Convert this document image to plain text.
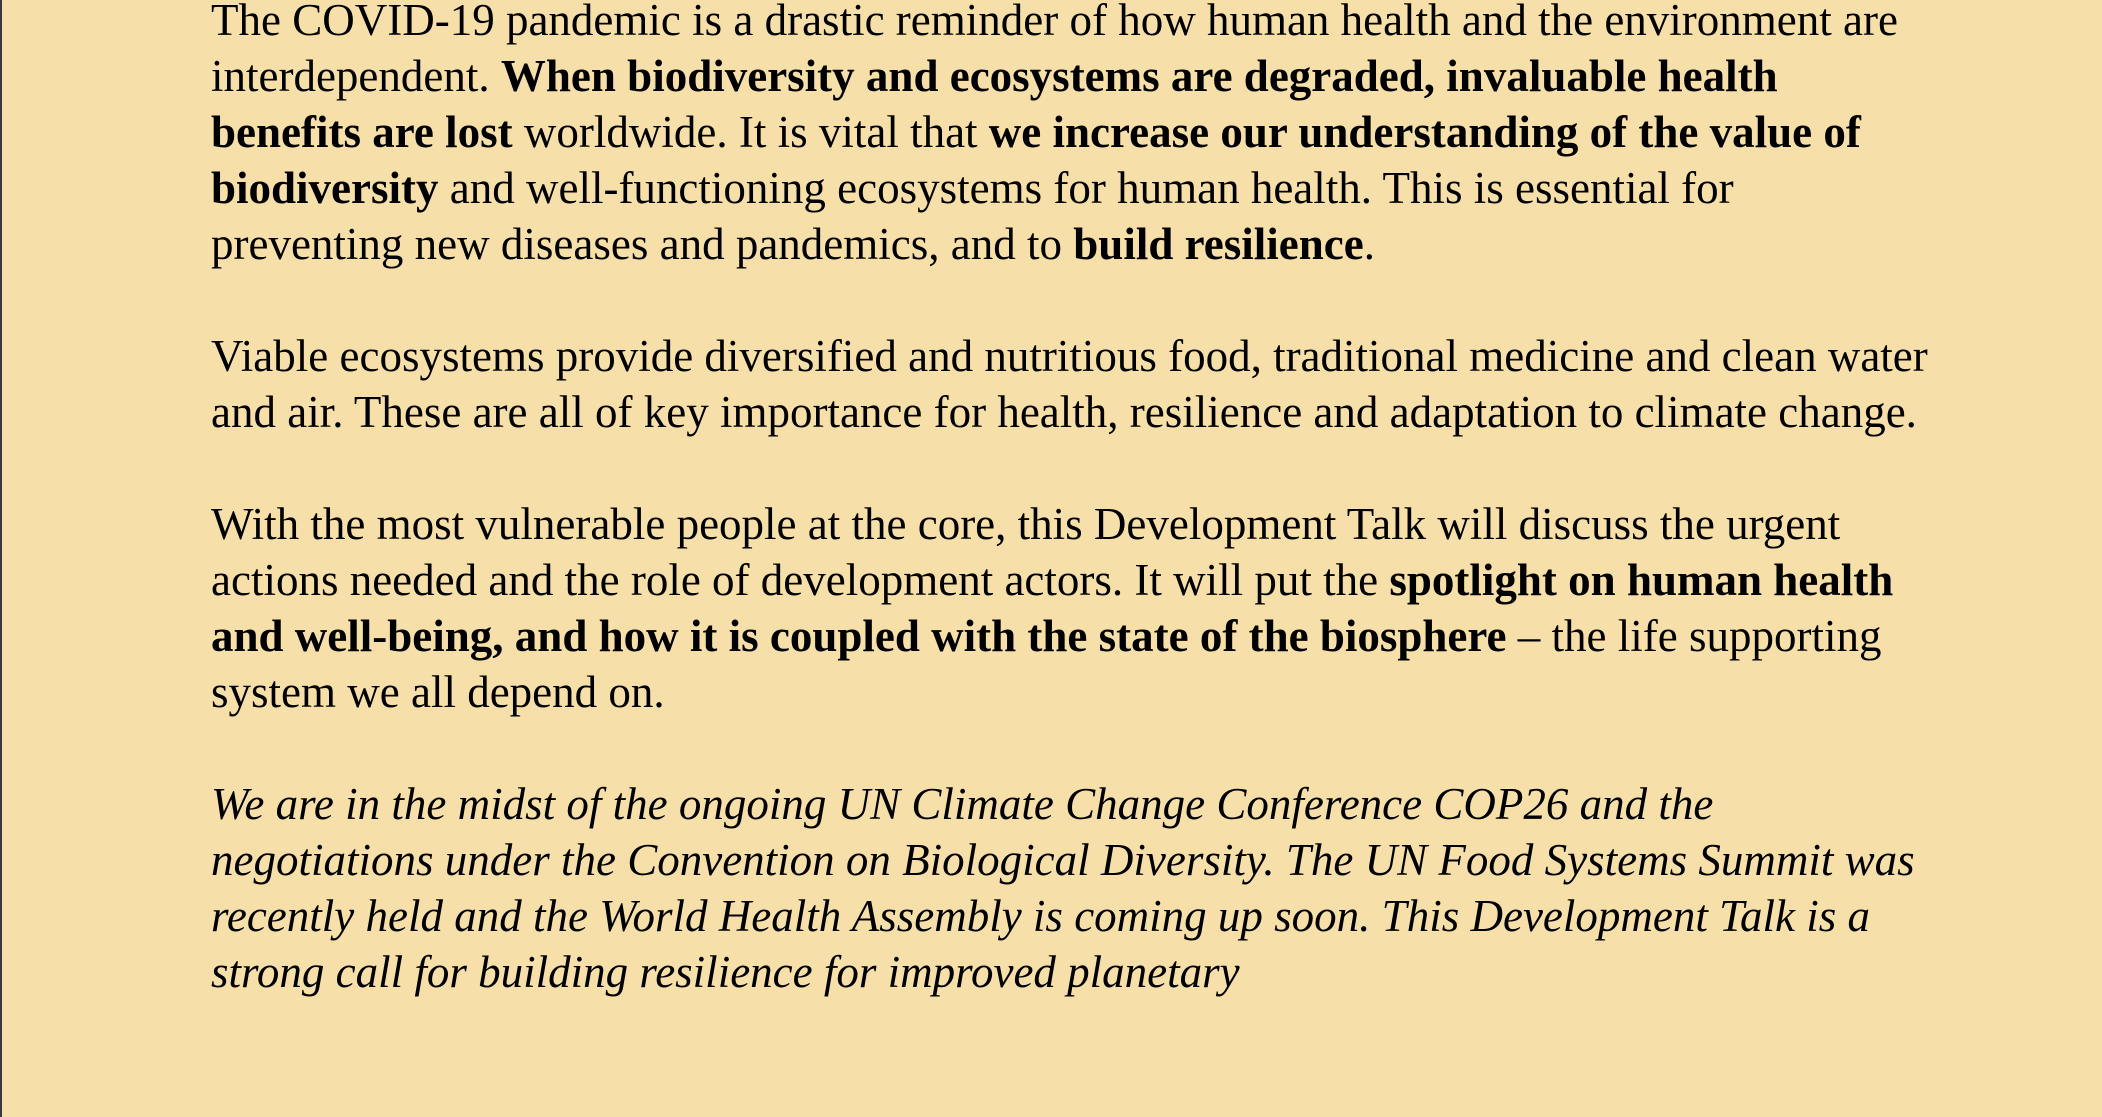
The COVID-19 pandemic is a drastic reminder of how human health and the environment are interdependent. When biodiversity and ecosystems are degraded, invaluable health benefits are lost worldwide. It is vital that we increase our understanding of the value of biodiversity and well-functioning ecosystems for human health. This is essential for preventing new diseases and pandemics, and to build resilience.

Viable ecosystems provide diversified and nutritious food, traditional medicine and clean water and air. These are all of key importance for health, resilience and adaptation to climate change.

With the most vulnerable people at the core, this Development Talk will discuss the urgent actions needed and the role of development actors. It will put the spotlight on human health and well-being, and how it is coupled with the state of the biosphere – the life supporting system we all depend on.

We are in the midst of the ongoing UN Climate Change Conference COP26 and the negotiations under the Convention on Biological Diversity. The UN Food Systems Summit was recently held and the World Health Assembly is coming up soon. This Development Talk is a strong call for building resilience for improved planetary
